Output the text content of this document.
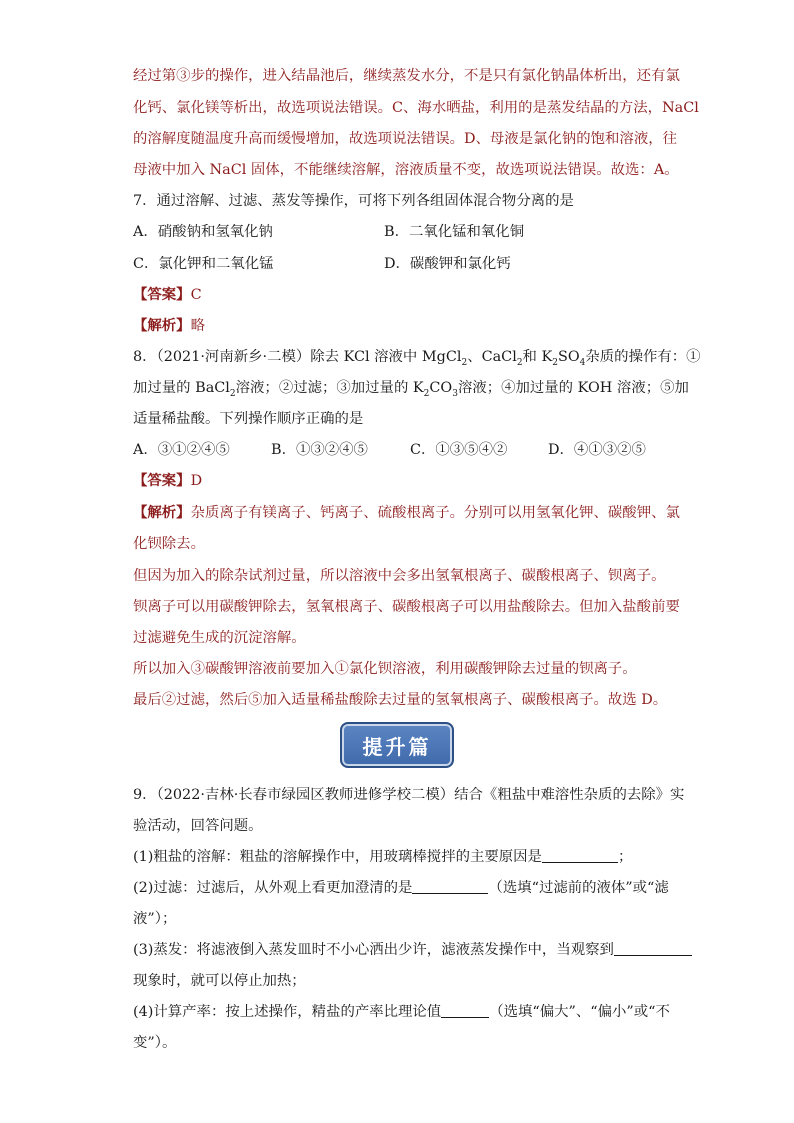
经过第③步的操作，进入结晶池后，继续蒸发水分，不是只有氯化钠晶体析出，还有氯
化钙、氯化镁等析出，故选项说法错误。C、海水晒盐，利用的是蒸发结晶的方法，NaCl
的溶解度随温度升高而缓慢增加，故选项说法错误。D、母液是氯化钠的饱和溶液，往
母液中加入 NaCl 固体，不能继续溶解，溶液质量不变，故选项说法错误。故选：A。
7．通过溶解、过滤、蒸发等操作，可将下列各组固体混合物分离的是
A．硝酸钠和氢氧化钠	B．二氧化锰和氧化铜
C．氯化钾和二氧化锰	D．碳酸钾和氯化钙
【答案】C
【解析】略
8．（2021·河南新乡·二模）除去 KCl 溶液中 MgCl$_2$、CaCl$_2$和 $K_2SO_4$杂质的操作有：①
加过量的 BaCl$_2$溶液；②过滤；③加过量的 $K_2CO_3$溶液；④加过量的 KOH 溶液；⑤加
适量稀盐酸。下列操作顺序正确的是
A．③①②④⑤	B．①③②④⑤	C．①③⑤④②	D．④①③②⑤
【答案】D
【解析】杂质离子有镁离子、钙离子、硫酸根离子。分别可以用氢氧化钾、碳酸钾、氯
化钡除去。
但因为加入的除杂试剂过量，所以溶液中会多出氢氧根离子、碳酸根离子、钡离子。
钡离子可以用碳酸钾除去，氢氧根离子、碳酸根离子可以用盐酸除去。但加入盐酸前要
过滤避免生成的沉淀溶解。
所以加入③碳酸钾溶液前要加入①氯化钡溶液，利用碳酸钾除去过量的钡离子。
最后②过滤，然后⑤加入适量稀盐酸除去过量的氢氧根离子、碳酸根离子。故选 D。
提升篇
9．（2022·吉林·长春市绿园区教师进修学校二模）结合《粗盐中难溶性杂质的去除》实
验活动，回答问题。
(1)粗盐的溶解：粗盐的溶解操作中，用玻璃棒搅拌的主要原因是	；
(2)过滤：过滤后，从外观上看更加澄清的是	（选填“过滤前的液体”或“滤
液”）；
(3)蒸发：将滤液倒入蒸发皿时不小心洒出少许，滤液蒸发操作中，当观察到
现象时，就可以停止加热；
(4)计算产率：按上述操作，精盐的产率比理论值	（选填“偏大”、“偏小”或“不
变”）。
